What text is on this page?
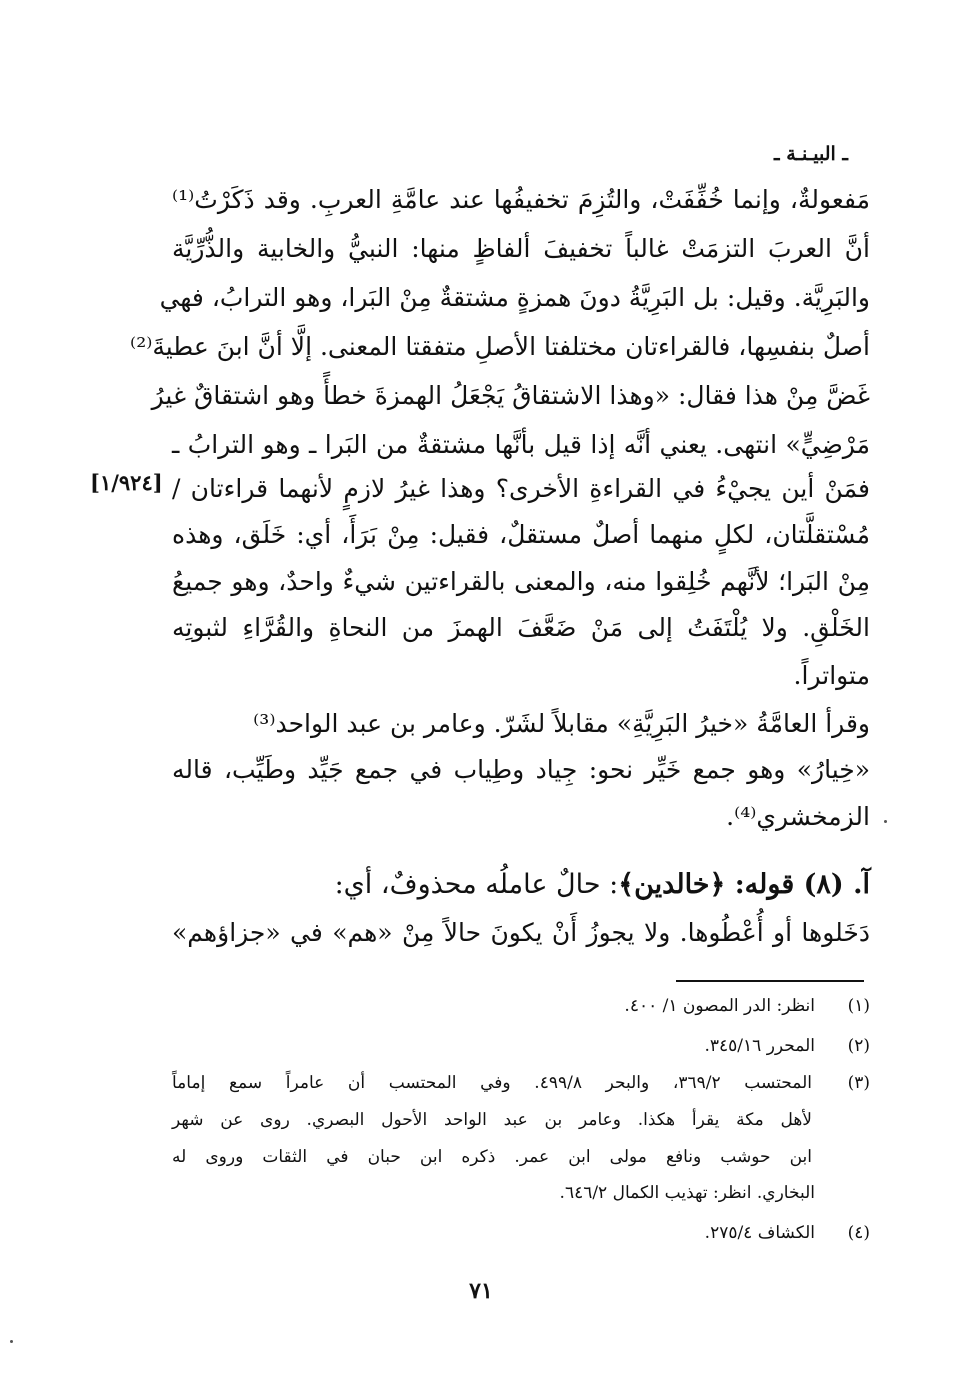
ـ البيـنـة ـ
[١/٩٢٤]
مَفعولةٌ، وإنما خُفِّفَتْ، والتُزِمَ تخفيفُها عند عامَّةِ العربِ. وقد ذَكَرْتُ⁽¹⁾
أنَّ العربَ التزمَتْ غالباً تخفيفَ ألفاظٍ منها: النبيُّ والخابية والذُّرِّيَّة
والبَرِيَّة. وقيل: بل البَرِيَّةُ دونَ همزةٍ مشتقةٌ مِنْ البَرا، وهو الترابُ، فهي
أصلٌ بنفسِها، فالقراءتان مختلفتا الأصلِ متفقتا المعنى. إلَّا أنَّ ابنَ عطيةَ⁽²⁾
غَضَّ مِنْ هذا فقال: «وهذا الاشتقاقُ يَجْعَلُ الهمزةَ خطأً وهو اشتقاقٌ غيرُ
مَرْضِيٍّ» انتهى. يعني أنَّه إذا قيل بأنَّها مشتقةٌ من البَرا ـ وهو الترابُ ـ
فمَنْ أين يجيْءُ في القراءةِ الأخرى؟ وهذا غيرُ لازمٍ لأنهما قراءتان /
مُسْتقلَّتان، لكلٍ منهما أصلٌ مستقلٌ، فقيل: مِنْ بَرَأَ، أي: خَلَق، وهذه
مِنْ البَرا؛ لأنَّهم خُلِقوا منه، والمعنى بالقراءتين شيءٌ واحدٌ، وهو جميعُ
الخَلْقِ. ولا يُلْتَفَتُ إلى مَنْ ضَعَّفَ الهمزَ من النحاةِ والقُرَّاءِ لثبوتِه
متواتراً.
وقرأ العامَّةُ «خيرُ البَرِيَّةِ» مقابلاً لشَرّ. وعامر بن عبد الواحد⁽³⁾
«خِيارُ» وهو جمع خَيِّر نحو: جِياد وطِياب في جمع جَيِّد وطَيِّب، قاله
الزمخشري⁽⁴⁾.
آ. (٨) قوله: ﴿خالدين﴾: حالٌ عاملُه محذوفٌ، أي:
دَخَلوها أو أُعْطُوها. ولا يجوزُ أَنْ يكونَ حالاً مِنْ «هم» في «جزاؤهم»
(١)
انظر: الدر المصون ١/ ٤٠٠.
(٢)
المحرر ٣٤٥/١٦.
(٣)
المحتسب ٣٦٩/٢، والبحر ٤٩٩/٨. وفي المحتسب أن عامراً سمع إماماً
لأهل مكة يقرأ هكذا. وعامر بن عبد الواحد الأحول البصري. روى عن شهر
ابن حوشب ونافع مولى ابن عمر. ذكره ابن حبان في الثقات وروى له
البخاري. انظر: تهذيب الكمال ٦٤٦/٢.
(٤)
الكشاف ٢٧٥/٤.
٧١
